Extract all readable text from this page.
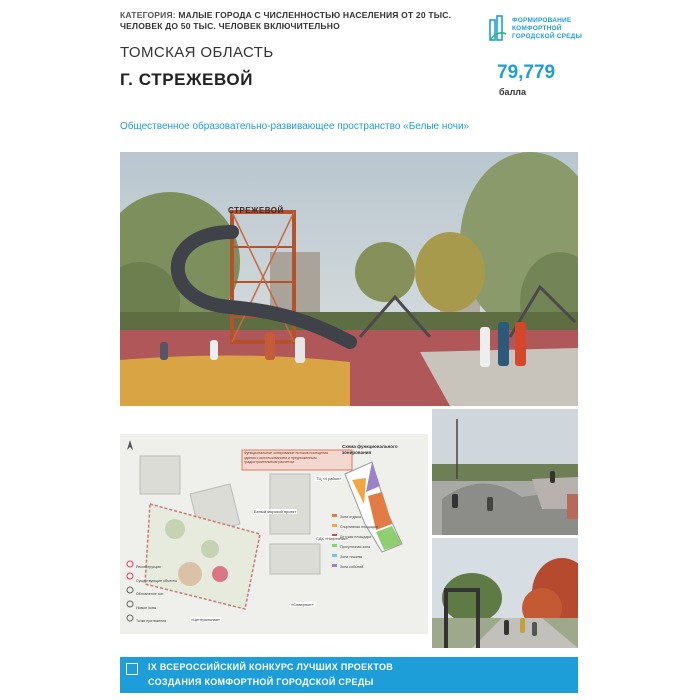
КАТЕГОРИЯ: МАЛЫЕ ГОРОДА С ЧИСЛЕННОСТЬЮ НАСЕЛЕНИЯ ОТ 20 ТЫС. ЧЕЛОВЕК ДО 50 ТЫС. ЧЕЛОВЕК ВКЛЮЧИТЕЛЬНО
ФОРМИРОВАНИЕ
КОМФОРТНОЙ
ГОРОДСКОЙ СРЕДЫ
ТОМСКАЯ ОБЛАСТЬ
Г. СТРЕЖЕВОЙ	79,779
балла
Общественное образовательно-развивающее пространство «Белые ночи»
СТРЕЖЕВОЙ
Схема функционального
зонирования
Функциональное зонирование потоков посещения
здания с использованием и предложенным
градостроительным расчетом
Белый морской проект
ТЦ «4 район»
СДК «Нефтяник»
«Северное»
«Центральная»
Зона отдыха
Спортивная площадка
Детская площадка
Прогулочная зона
Зона тишины
Зона событий
Реконструкция
Существующие объекты
Обновление зон
Новые зоны
Точки притяжения
IX ВСЕРОССИЙСКИЙ КОНКУРС ЛУЧШИХ ПРОЕКТОВ
СОЗДАНИЯ КОМФОРТНОЙ ГОРОДСКОЙ СРЕДЫ
